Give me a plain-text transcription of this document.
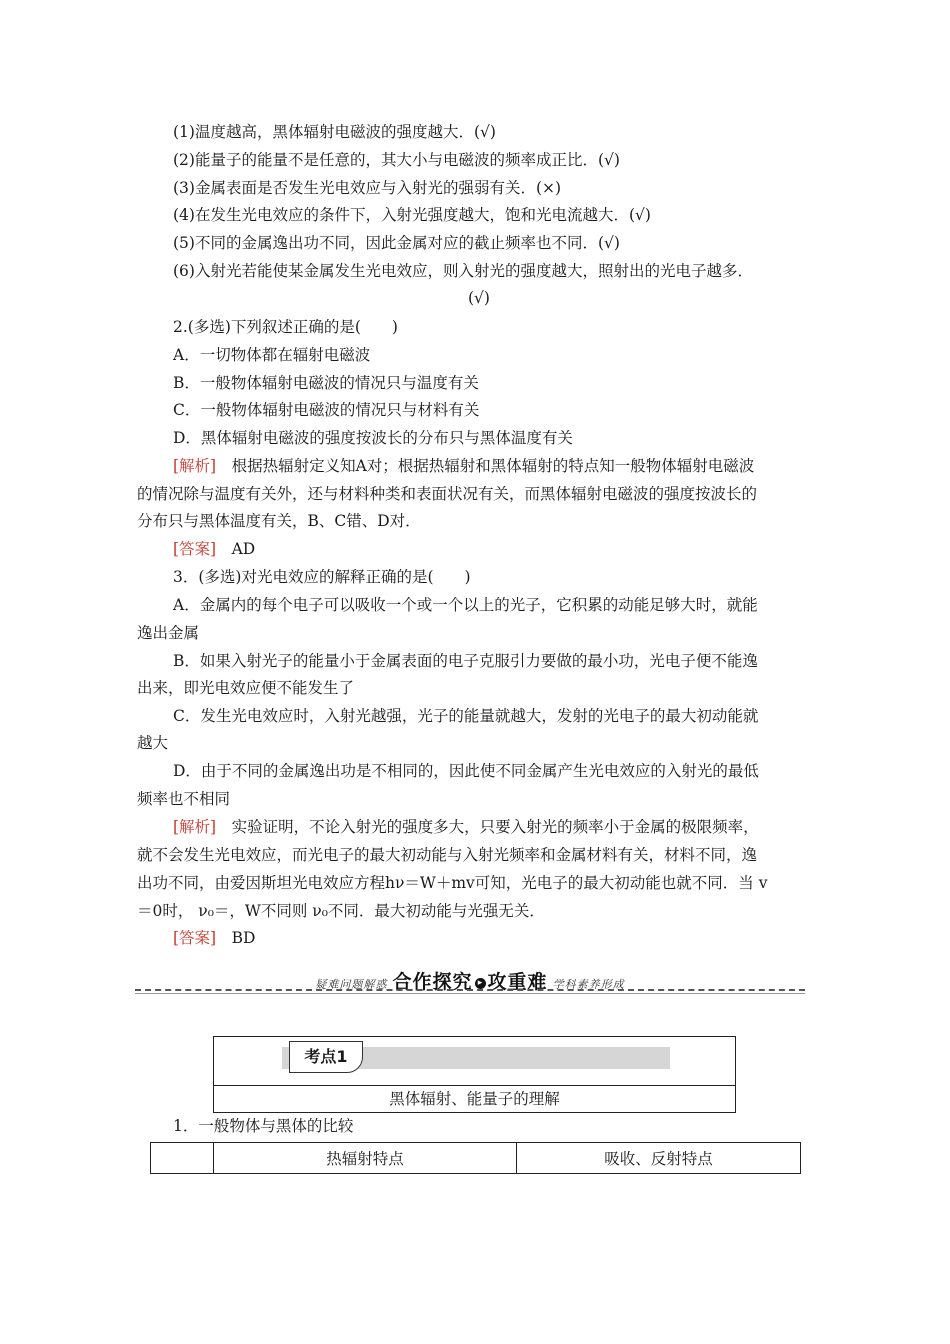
(1)温度越高，黑体辐射电磁波的强度越大．(√)
(2)能量子的能量不是任意的，其大小与电磁波的频率成正比．(√)
(3)金属表面是否发生光电效应与入射光的强弱有关．(×)
(4)在发生光电效应的条件下，入射光强度越大，饱和光电流越大．(√)
(5)不同的金属逸出功不同，因此金属对应的截止频率也不同．(√)
(6)入射光若能使某金属发生光电效应，则入射光的强度越大，照射出的光电子越多．
(√)
2.(多选)下列叙述正确的是(　　)
A．一切物体都在辐射电磁波
B．一般物体辐射电磁波的情况只与温度有关
C．一般物体辐射电磁波的情况只与材料有关
D．黑体辐射电磁波的强度按波长的分布只与黑体温度有关
[解析]　根据热辐射定义知A对；根据热辐射和黑体辐射的特点知一般物体辐射电磁波
的情况除与温度有关外，还与材料种类和表面状况有关，而黑体辐射电磁波的强度按波长的
分布只与黑体温度有关，B、C错、D对．
[答案]　AD
3．(多选)对光电效应的解释正确的是(　　)
A．金属内的每个电子可以吸收一个或一个以上的光子，它积累的动能足够大时，就能
逸出金属
B．如果入射光子的能量小于金属表面的电子克服引力要做的最小功，光电子便不能逸
出来，即光电效应便不能发生了
C．发生光电效应时，入射光越强，光子的能量就越大，发射的光电子的最大初动能就
越大
D．由于不同的金属逸出功是不相同的，因此使不同金属产生光电效应的入射光的最低
频率也不相同
[解析]　实验证明，不论入射光的强度多大，只要入射光的频率小于金属的极限频率，
就不会发生光电效应，而光电子的最大初动能与入射光频率和金属材料有关，材料不同，逸
出功不同，由爱因斯坦光电效应方程hν＝W＋mv可知，光电子的最大初动能也就不同．当 v
＝0时， ν₀＝，W不同则 ν₀不同．最大初动能与光强无关．
[答案]　BD
疑难问题解惑 合作探究 ▸ 攻重难 学科素养形成
考点1
黑体辐射、能量子的理解
1．一般物体与黑体的比较
	热辐射特点	吸收、反射特点
